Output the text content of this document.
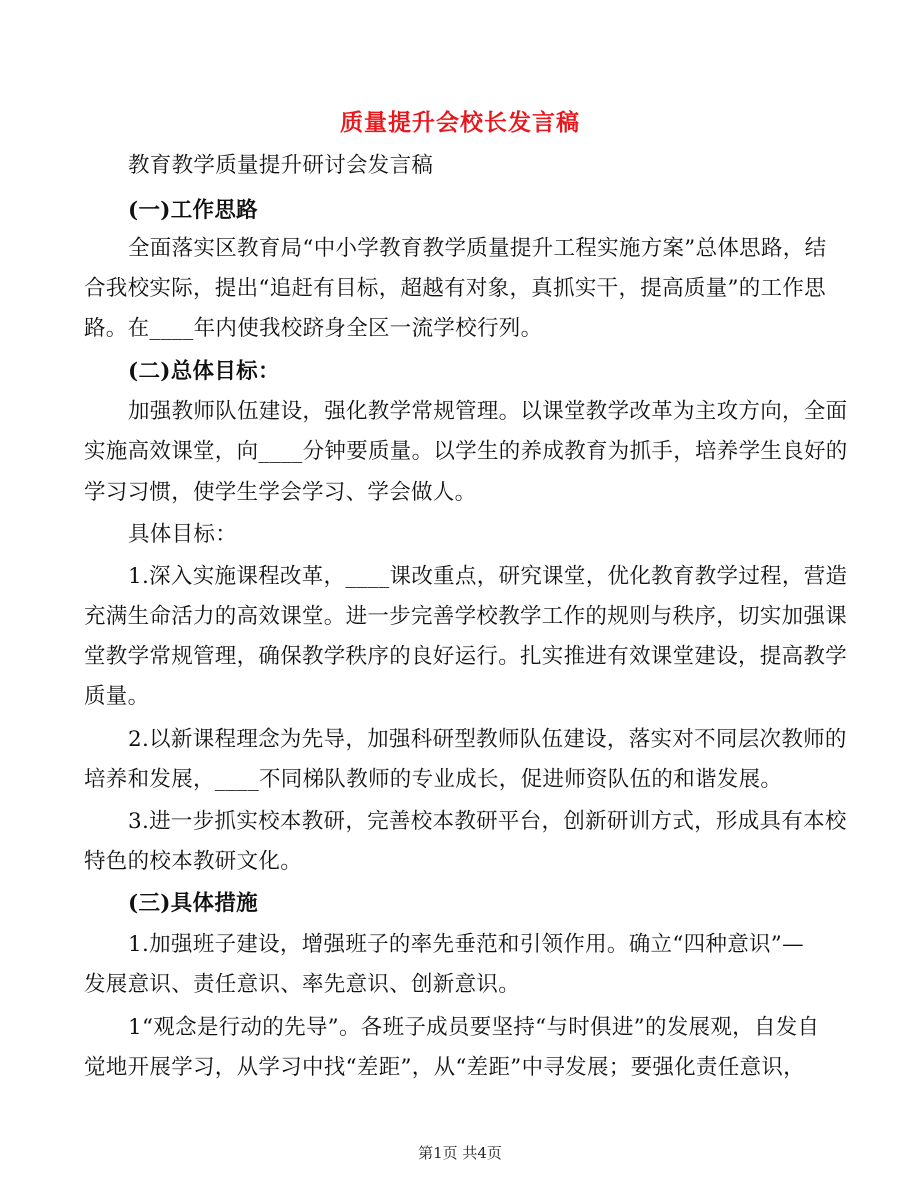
质量提升会校长发言稿
教育教学质量提升研讨会发言稿
(一)工作思路
全面落实区教育局“中小学教育教学质量提升工程实施方案”总体思路，结
合我校实际，提出“追赶有目标，超越有对象，真抓实干，提高质量”的工作思
路。在____年内使我校跻身全区一流学校行列。
(二)总体目标：
加强教师队伍建设，强化教学常规管理。以课堂教学改革为主攻方向，全面
实施高效课堂，向____分钟要质量。以学生的养成教育为抓手，培养学生良好的
学习习惯，使学生学会学习、学会做人。
具体目标：
1.深入实施课程改革，____课改重点，研究课堂，优化教育教学过程，营造
充满生命活力的高效课堂。进一步完善学校教学工作的规则与秩序，切实加强课
堂教学常规管理，确保教学秩序的良好运行。扎实推进有效课堂建设，提高教学
质量。
2.以新课程理念为先导，加强科研型教师队伍建设，落实对不同层次教师的
培养和发展，____不同梯队教师的专业成长，促进师资队伍的和谐发展。
3.进一步抓实校本教研，完善校本教研平台，创新研训方式，形成具有本校
特色的校本教研文化。
(三)具体措施
1.加强班子建设，增强班子的率先垂范和引领作用。确立“四种意识”—
发展意识、责任意识、率先意识、创新意识。
1“观念是行动的先导”。各班子成员要坚持“与时俱进”的发展观，自发自
觉地开展学习，从学习中找“差距”，从“差距”中寻发展；要强化责任意识，
第1页 共4页
